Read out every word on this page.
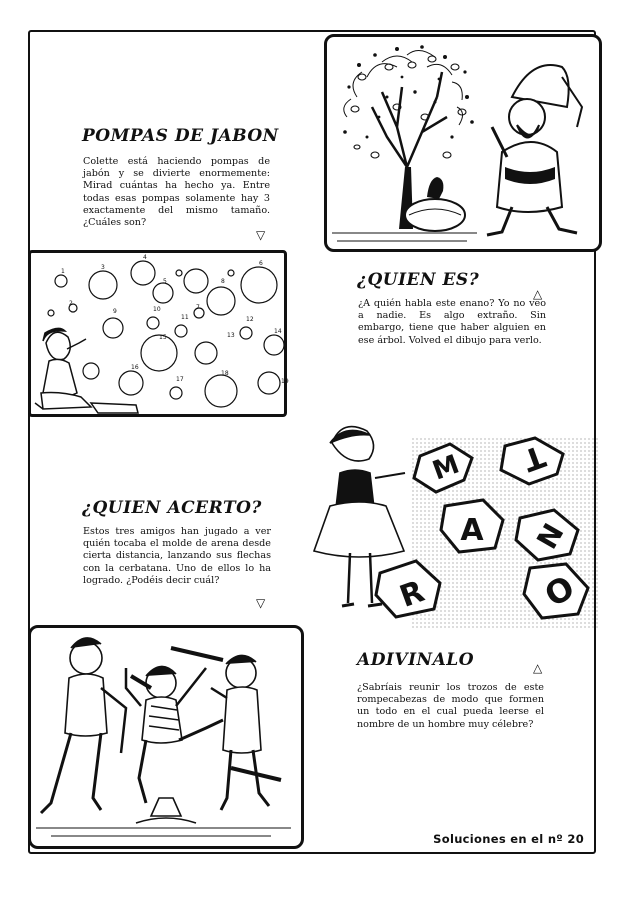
POMPAS DE JABON

Colette está haciendo pompas de jabón y se divierte enormemente: Mirad cuántas ha hecho ya. Entre todas esas pompas solamente hay 3 exactamente del mismo tamaño. ¿Cuáles son?

▽
1
2
3
4
5
6
7
8
9	10
11	12
13
14
15
16
17
18
19
¿QUIEN ES?
△

¿A quién habla este enano? Yo no veo a nadie. Es algo extraño. Sin embargo, tiene que haber alguien en ese árbol. Volved el dibujo para verlo.

M T
A N
R	O
¿QUIEN ACERTO?

Estos tres amigos han jugado a ver quién tocaba el molde de arena desde cierta distancia, lanzando sus flechas con la cerbatana. Uno de ellos lo ha logrado. ¿Podéis decir cuál?

▽
ADIVINALO	△

¿Sabríais reunir los trozos de este rompecabezas de modo que formen un todo en el cual pueda leerse el nombre de un hombre muy célebre?

Soluciones en el nº 20
